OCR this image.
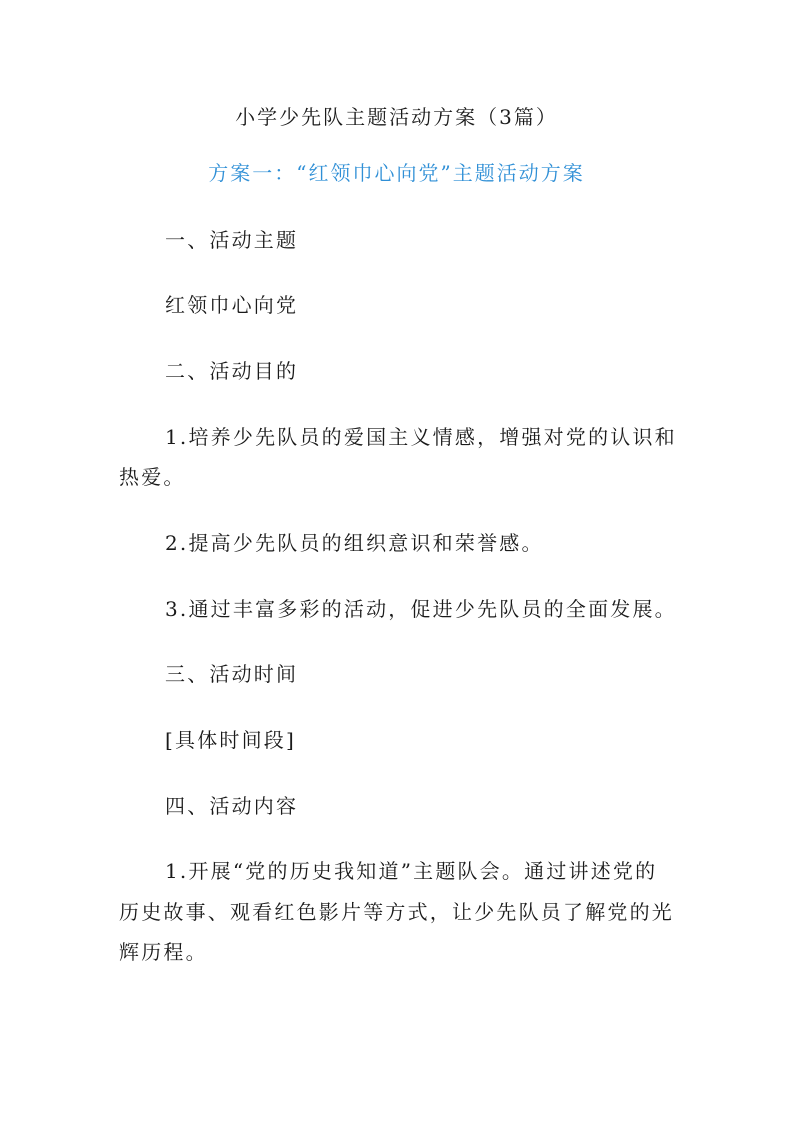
小学少先队主题活动方案（3篇）
方案一：“红领巾心向党”主题活动方案
一、活动主题
红领巾心向党
二、活动目的
1.培养少先队员的爱国主义情感，增强对党的认识和
热爱。
2.提高少先队员的组织意识和荣誉感。
3.通过丰富多彩的活动，促进少先队员的全面发展。
三、活动时间
[具体时间段]
四、活动内容
1.开展“党的历史我知道”主题队会。通过讲述党的
历史故事、观看红色影片等方式，让少先队员了解党的光
辉历程。
